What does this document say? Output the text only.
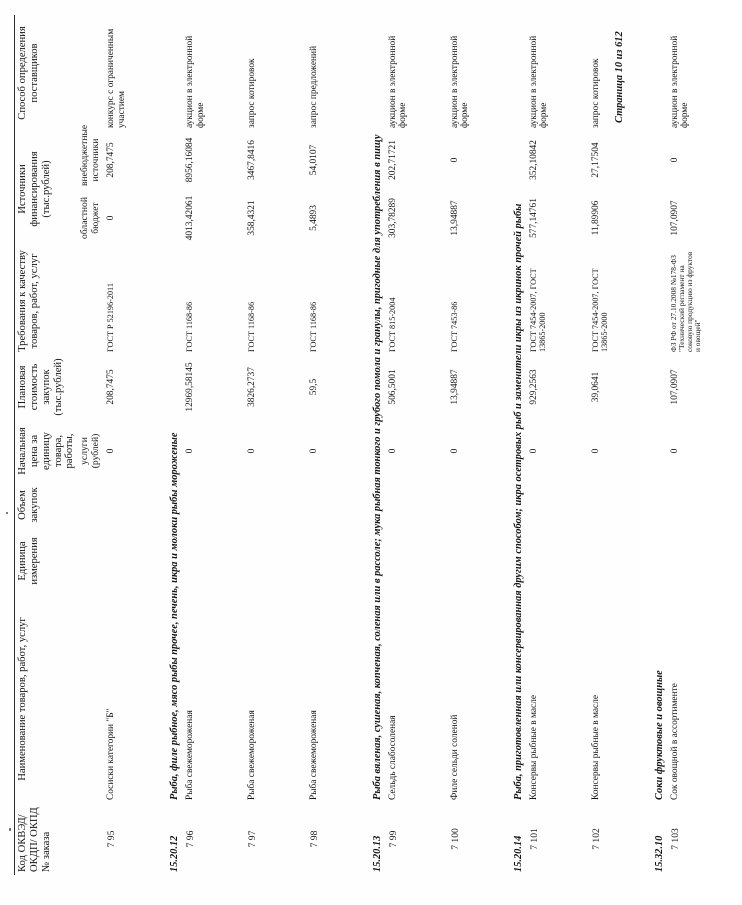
Код ОКВЭД/ ОКДП/ ОКПД № заказа	Наименование товаров, работ, услуг	Единица измерения	Объем закупок	Начальная цена за единицу товара, работы,	Плановая стоимость закупок (тыс.рублей)	Требования к качеству товаров, работ, услуг	Источники финансирования (тыс.рублей)		Способ определения поставщиков
				услуги (рублей)			областной бюджет	внебюджетные источники	
7 95	Сосиски категории "Б"			0	208,7475	ГОСТ Р 52196-2011	0	208,7475	конкурс с ограниченным участием
15.20.12	Рыба, филе рыбное, мясо рыбы прочее, печень, икра и молоки рыбы мороженые								
7 96	Рыба свежемороженая			0	12969,58145	ГОСТ 1168-86	4013,42061	8956,16084	аукцион в электронной форме
7 97	Рыба свежемороженая			0	3826,2737	ГОСТ 1168-86	358,4321	3467,8416	запрос котировок
7 98	Рыба свежемороженая			0	59,5	ГОСТ 1168-86	5,4893	54,0107	запрос предложений
15.20.13	Рыба вяленая, сушеная, копченая, соленая или в рассоле; мука рыбная тонкого и грубого помола и гранулы, пригодные для употребления в пищу								
7 99	Сельдь слабосоленая			0	506,5001	ГОСТ 815-2004	303,78289	202,71721	аукцион в электронной форме
7 100	Филе сельди соленой			0	13,94887	ГОСТ 7453-86	13,94887	0	аукцион в электронной форме
15.20.14	Рыба, приготовленная или консервированная другим способом; икра осетровых рыб и заменители икры из икринок прочей рыбы								
7 101	Консервы рыбные в масле			0	929,2563	ГОСТ 7454-2007, ГОСТ 13865-2000	577,14761	352,10842	аукцион в электронной форме
7 102	Консервы рыбные в масле			0	39,0641	ГОСТ 7454-2007, ГОСТ 13865-2000	11,89906	27,17504	запрос котировок
15.32.10	Соки фруктовые и овощные								
7 103	Сок овощной в ассортименте			0	107,0907	ФЗ РФ от 27.10.2008 №178-ФЗ "Технический регламент на соковую продукцию из фруктов и овощей"	107,0907	0	аукцион в электронной форме
Страница 10 из 612
